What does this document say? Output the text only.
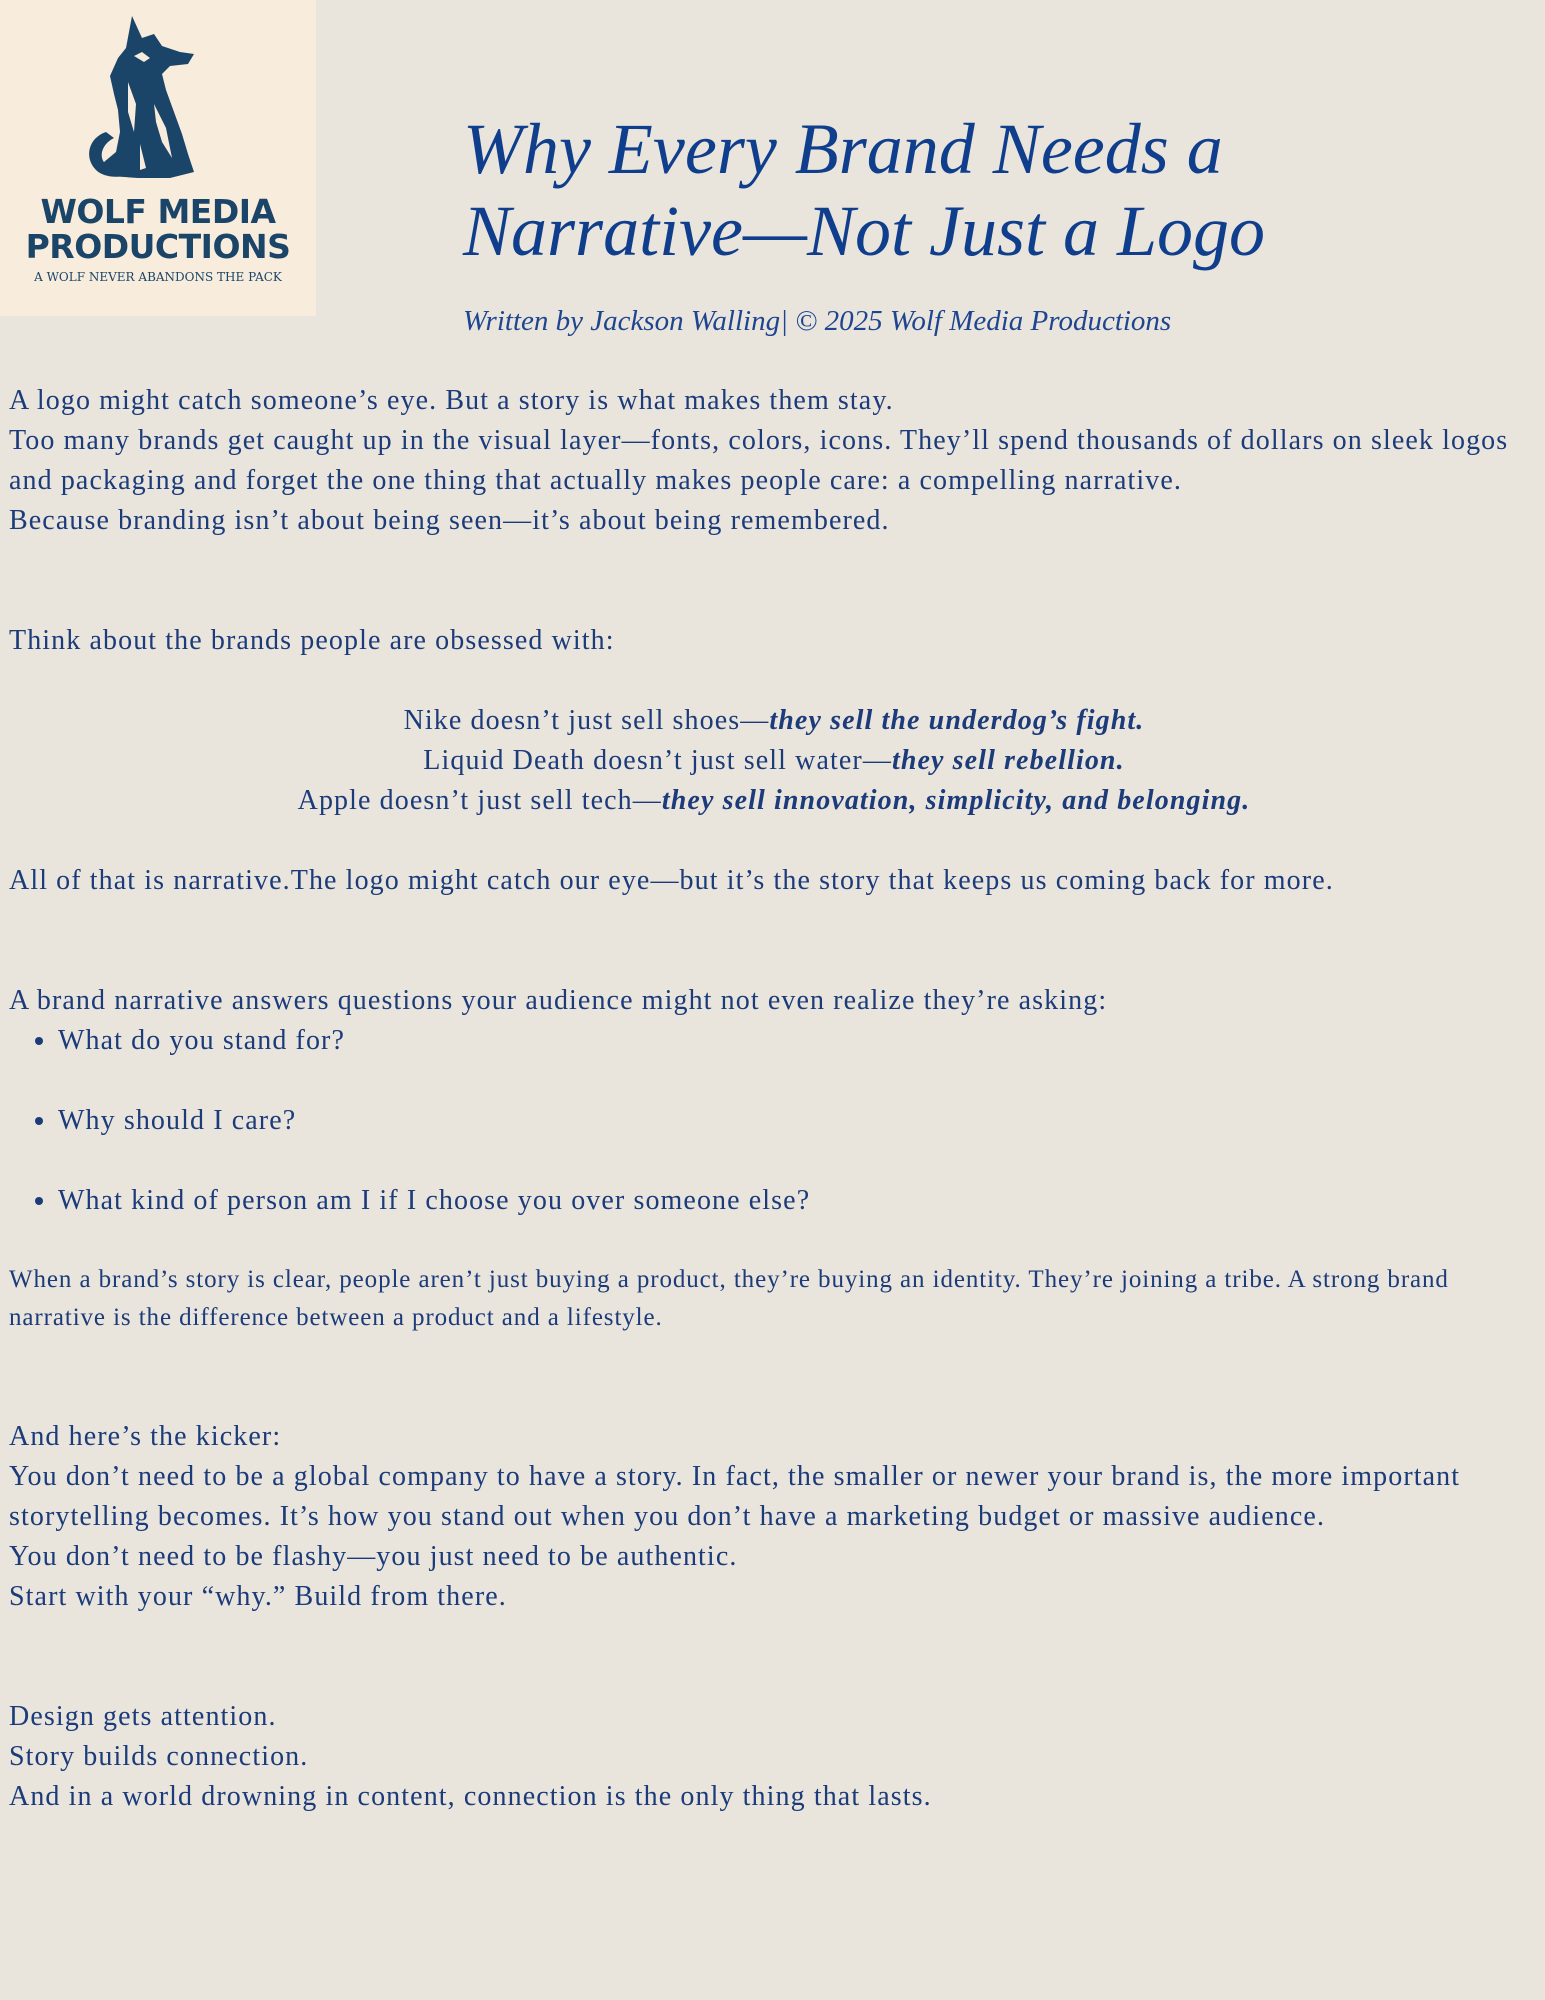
WOLF MEDIA
PRODUCTIONS
A WOLF NEVER ABANDONS THE PACK
Why Every Brand Needs a
Narrative—Not Just a Logo
Written by Jackson Walling| © 2025 Wolf Media Productions

A logo might catch someone’s eye. But a story is what makes them stay.

Too many brands get caught up in the visual layer—fonts, colors, icons. They’ll spend thousands of dollars on sleek logos and packaging and forget the one thing that actually makes people care: a compelling narrative.

Because branding isn’t about being seen—it’s about being remembered.

Think about the brands people are obsessed with:

Nike doesn’t just sell shoes—they sell the underdog’s fight.

Liquid Death doesn’t just sell water—they sell rebellion.

Apple doesn’t just sell tech—they sell innovation, simplicity, and belonging.

All of that is narrative.The logo might catch our eye—but it’s the story that keeps us coming back for more.

A brand narrative answers questions your audience might not even realize they’re asking:

• What do you stand for?
• Why should I care?
• What kind of person am I if I choose you over someone else?

When a brand’s story is clear, people aren’t just buying a product, they’re buying an identity. They’re joining a tribe. A strong brand narrative is the difference between a product and a lifestyle.

And here’s the kicker:

You don’t need to be a global company to have a story. In fact, the smaller or newer your brand is, the more important storytelling becomes. It’s how you stand out when you don’t have a marketing budget or massive audience.

You don’t need to be flashy—you just need to be authentic.

Start with your “why.” Build from there.

Design gets attention.

Story builds connection.

And in a world drowning in content, connection is the only thing that lasts.
